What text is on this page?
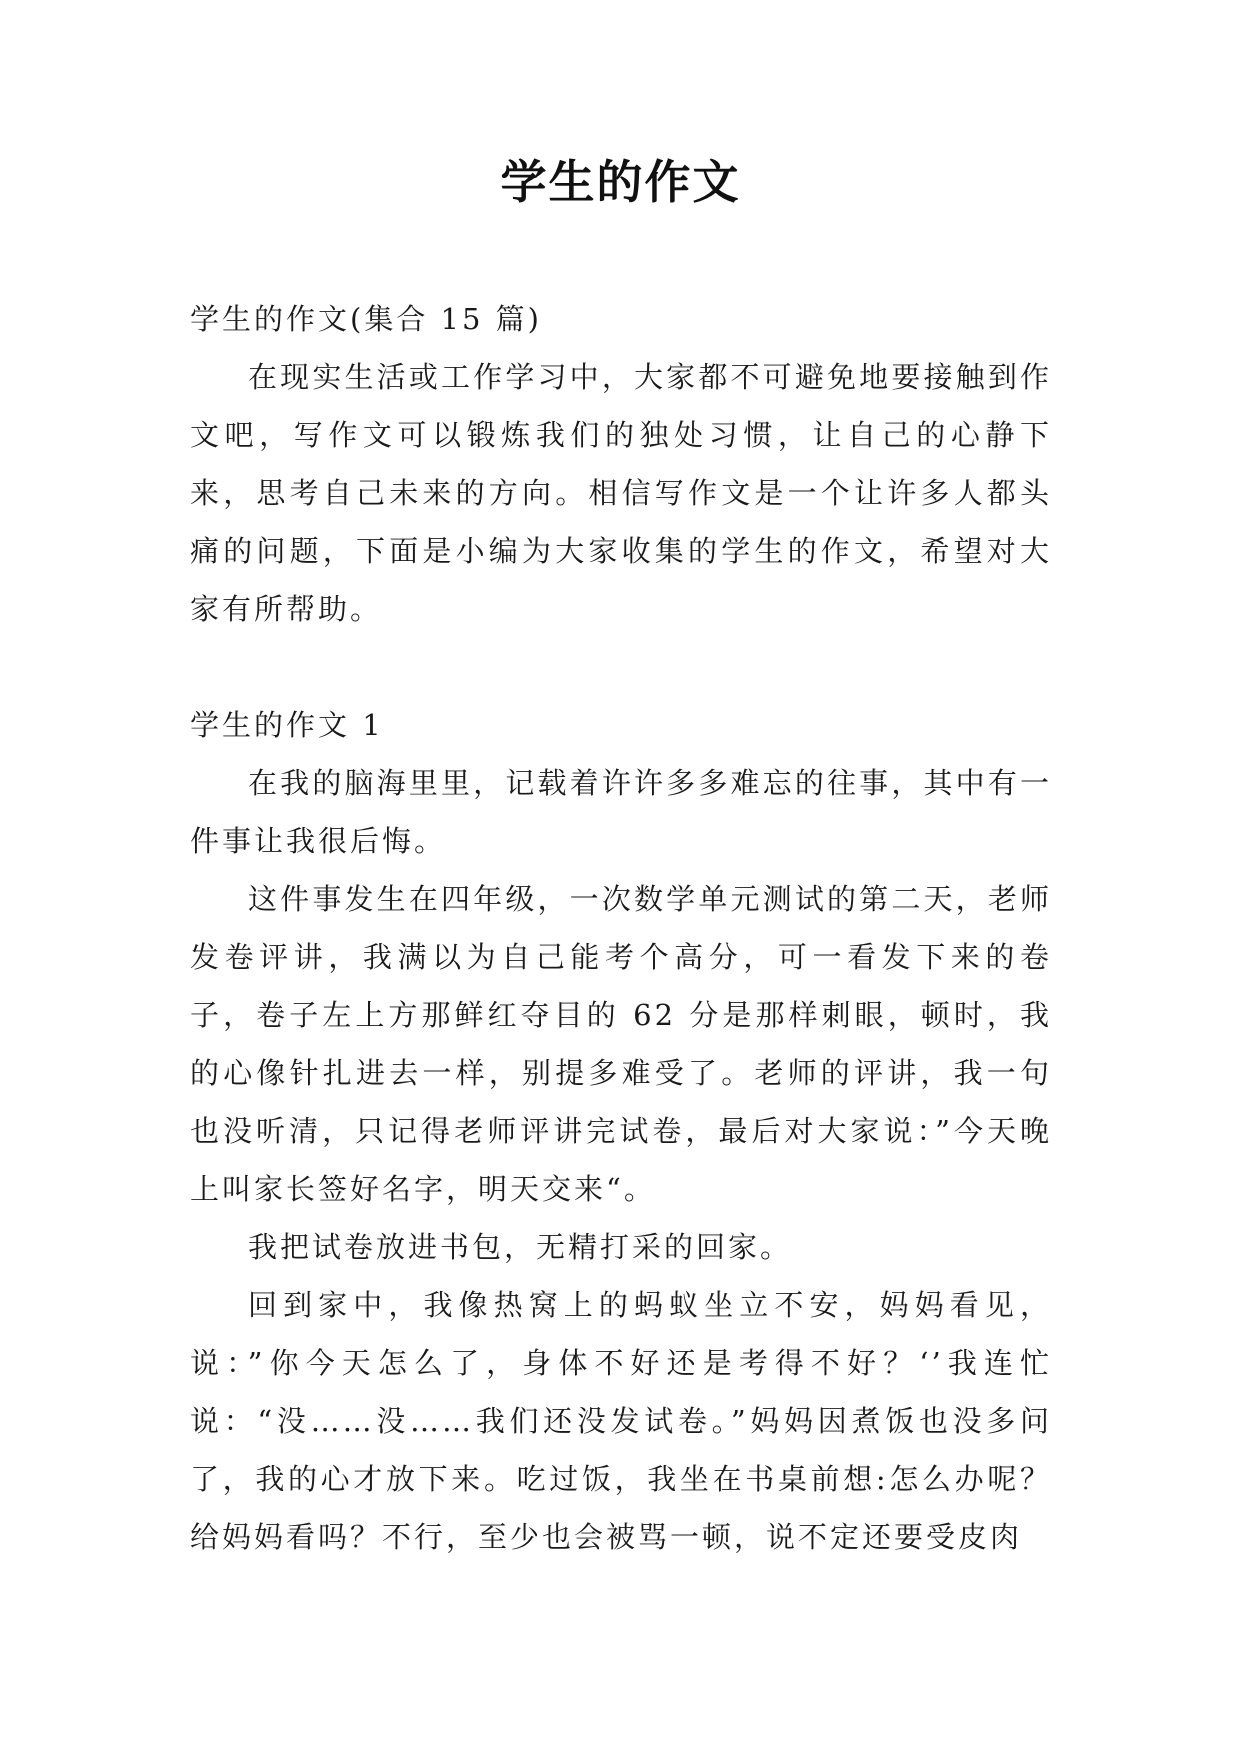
学生的作文

学生的作文(集合 15 篇)

在现实生活或工作学习中，大家都不可避免地要接触到作文吧，写作文可以锻炼我们的独处习惯，让自己的心静下来，思考自己未来的方向。相信写作文是一个让许多人都头痛的问题，下面是小编为大家收集的学生的作文，希望对大家有所帮助。

学生的作文 1

在我的脑海里里，记载着许许多多难忘的往事，其中有一件事让我很后悔。

这件事发生在四年级，一次数学单元测试的第二天，老师发卷评讲，我满以为自己能考个高分，可一看发下来的卷子，卷子左上方那鲜红夺目的 62 分是那样刺眼，顿时，我的心像针扎进去一样，别提多难受了。老师的评讲，我一句也没听清，只记得老师评讲完试卷，最后对大家说：”今天晚上叫家长签好名字，明天交来“。

我把试卷放进书包，无精打采的回家。

回到家中，我像热窝上的蚂蚁坐立不安，妈妈看见，说：”你今天怎么了，身体不好还是考得不好？‘’我连忙说：“没……没……我们还没发试卷。”妈妈因煮饭也没多问了，我的心才放下来。吃过饭，我坐在书桌前想:怎么办呢？给妈妈看吗？不行，至少也会被骂一顿，说不定还要受皮肉
